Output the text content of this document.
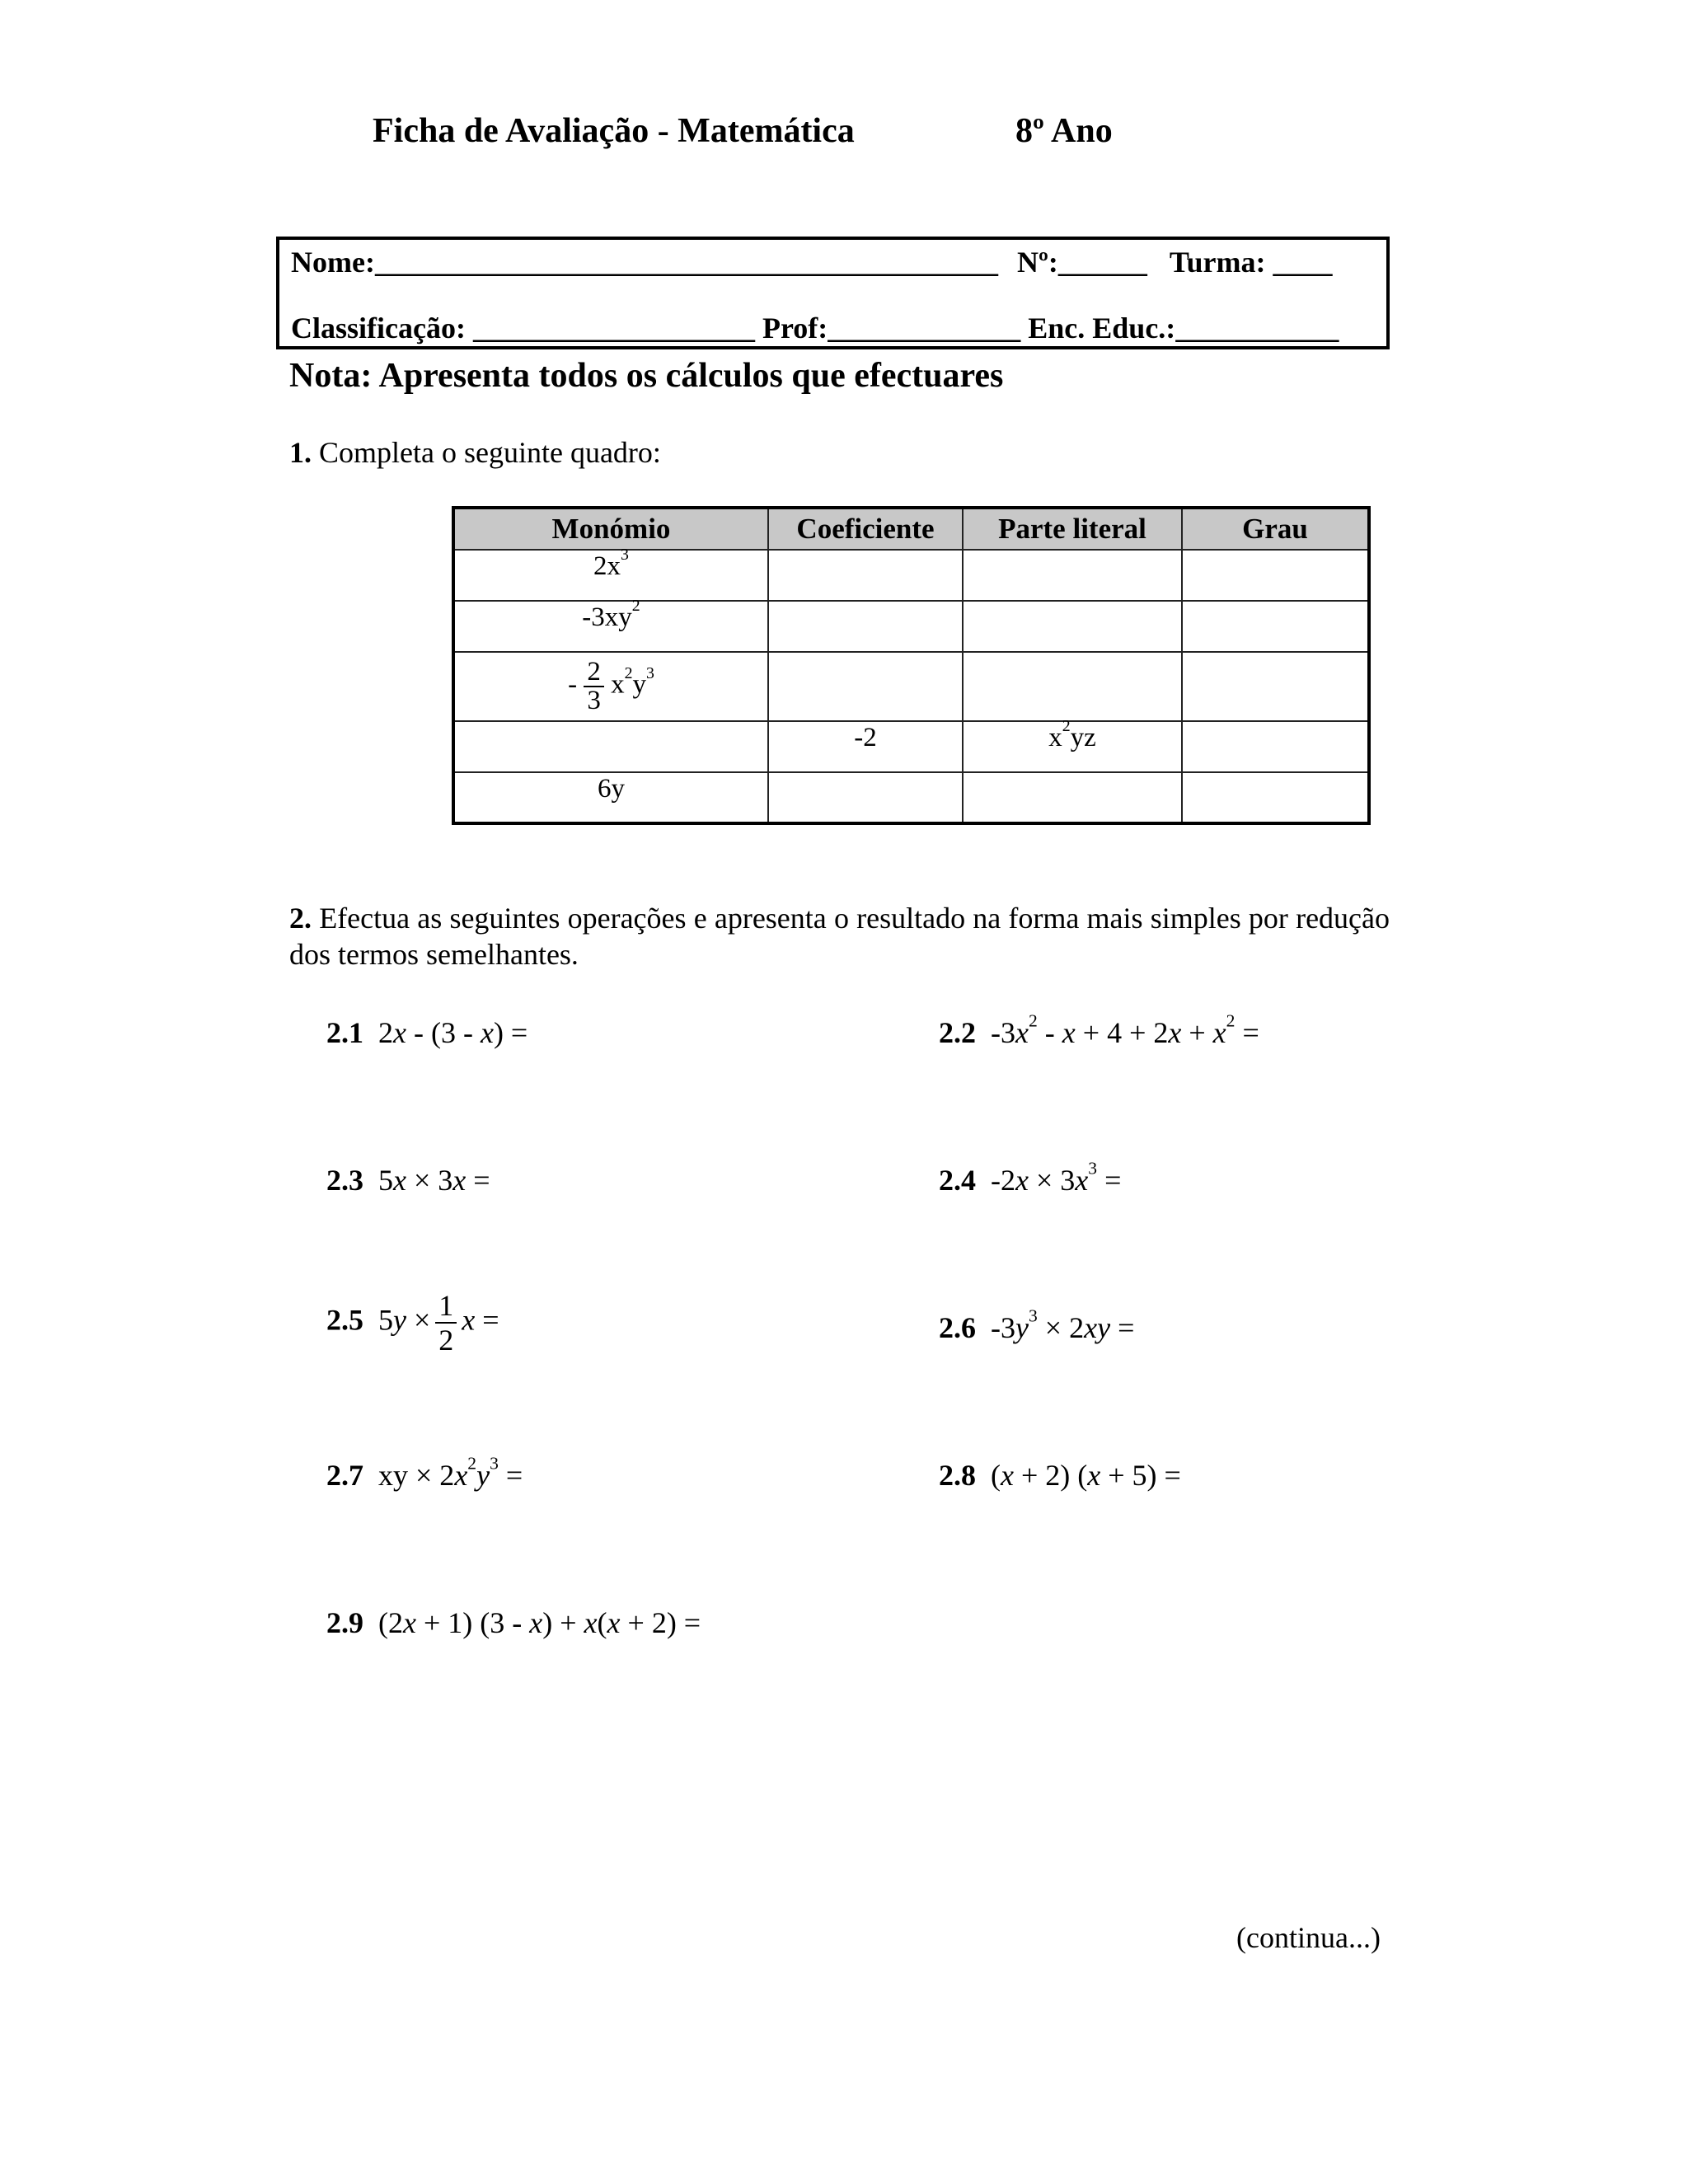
Ficha de Avaliação - Matemática	8º Ano
Nome:__________________________________________ Nº:______ Turma: ____
Classificação: ___________________ Prof:_____________ Enc. Educ.:___________
Nota: Apresenta todos os cálculos que efectuares
1. Completa o seguinte quadro:
Monómio	Coeficiente	Parte literal	Grau
$2x^3$			
$-3xy^2$			
- $\frac{2}{3} x^2y^3$			
	-2	$x^2yz$	
6y			
2. Efectua as seguintes operações e apresenta o resultado na forma mais simples por redução dos termos semelhantes.
2.1  2x - (3 - x) =	2.2  $-3x^2 - x + 4 + 2x + x^2$ =
2.3  5x × 3x =	2.4  $-2x \times 3x^3$ =
2.5  $5y \times \frac{1}{2}$ x =	2.6  $-3y^3 \times 2xy$ =
2.7  xy × $2x^2y^3$ =	2.8  (x + 2) (x + 5) =
2.9  (2x + 1) (3 - x) + x(x + 2) =
(continua...)
